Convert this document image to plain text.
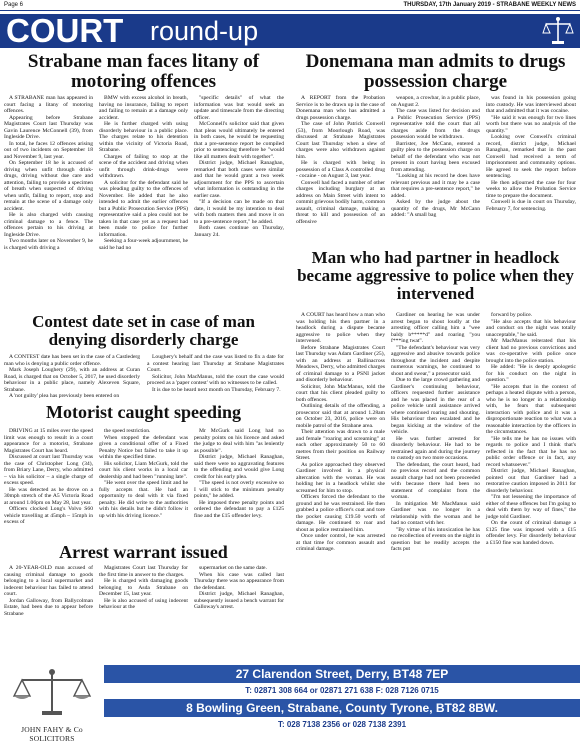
Page 6	THURSDAY, 17th January 2019 - STRABANE WEEKLY NEWS
COURT round-up
Strabane man faces litany of motoring offences

A STRABANE man has appeared in court facing a litany of motoring offences.

Appearing before Strabane Magistrates Court last Thursday was Gavin Laurence McConnell (39), from Ingleside Drive.

In total, he faces 12 offences arising out of two incidents on September 18 and November 9, last year.

On September 18 he is accused of driving when unfit through drink-drugs, driving without due care and attention, failing to provide a specimen of breath when suspected of driving when unfit, failing to report, stop and remain at the scene of a damage only accident.

He is also charged with causing criminal damage to a fence. The offences pertain to his driving at Ingleside Drive.

Two months later on November 9, he is charged with driving a

BMW with excess alcohol in breath, having no insurance, failing to report and failing to remain at a damage only accident.

He is further charged with using disorderly behaviour in a public place. The charges relate to his detention within the vicinity of Victoria Road, Strabane.

Charges of failing to stop at the scene of the accident and driving when unfit through drink-drugs were withdrawn.

A solicitor for the defendant said he was pleading guilty to the offences of November. He added that he also intended to admit the earlier offences but a Public Prosecution Service (PPS) representative said a plea could not be taken in that case yet as a request had been made to police for further information.

Seeking a four-week adjournment, he said he had no

"specific details" of what the information was but would seek an update and timescale from the directing officer.

McConnell's solicitor said that given that pleas would ultimately be entered in both cases, he would be requesting that a pre-sentence report be compiled prior to sentencing therefore he "would like all matters dealt with together".

District judge, Michael Ranaghan, remarked that both cases were similar and that he would grant a two week adjournment for the PPS to ascertain what information is outstanding in the earlier case.

"If a decision can be made on that date, it would be my intention to deal with both matters then and move it on to a pre-sentence report," he added.

Both cases continue on Thursday, January 24.

Donemana man admits to drugs possession charge

A REPORT from the Probation Service is to be drawn up in the case of Donemana man who has admitted a drugs possession charge.

The case of John Patrick Conwell (53), from Moorlough Road, was discussed at Strabane Magistrates Court last Thursday when a slew of charges were also withdrawn against him.

He is charged with being in possession of a Class A controlled drug - cocaine - on August 3, last year.

Conwell had faced a number of other charges including burglary at an address on Main Street with intent to commit grievous bodily harm, common assault, criminal damage, making a threat to kill and possession of an offensive

weapon, a crowbar, in a public place, on August 2.

The case was listed for decision and a Public Prosecution Service (PPS) representative told the court that all charges aside from the drugs possession would be withdrawn.

Barrister, Joe McCann, entered a guilty plea to the possession charge on behalf of the defendant who was not present in court having been excused from attending.

"Looking at his record he does have relevant previous and it may be a case that requires a pre-sentence report," he added.

Asked by the judge about the quantity of the drugs, Mr McCann added: "A small bag

was found in his possession going into custody. He was interviewed about that and admitted that it was cocaine.

"He said it was enough for two lines worth but there was no analysis of the quantity."

Looking over Conwell's criminal record, district judge, Michael Ranaghan, remarked that in the past Conwell had received a term of imprisonment and community options. He agreed to seek the report before sentencing.

He then adjourned the case for four weeks to allow the Probation Service time to prepare the document.

Conwell is due in court on Thursday, February 7, for sentencing.

Contest date set in case of man denying disorderly charge

A CONTEST date has been set in the case of a Castlederg man who is denying a public order offence.

Mark Joseph Loughery (29), with an address at Curan Road, is charged that on October 5, 2017, he used disorderly behaviour in a public place, namely Alexeven Square, Strabane.

A 'not guilty' plea has previously been entered on

Loughery's behalf and the case was listed to fix a date for a contest hearing last Thursday at Strabane Magistrates Court.

Solicitor, John MacManus, told the court the case would proceed as a 'paper contest' with no witnesses to be called.

It is due to be heard next month on Thursday, February 7.

Motorist caught speeding

DRIVING at 15 miles over the speed limit was enough to result in a court appearance for a motorist, Strabane Magistrates Court has heard.

Discussed at court last Thursday was the case of Christopher Long (34), from Briary Lane, Derry, who admitted – via his solicitor – a single charge of excess speed.

He was detected as he drove on a 30mph stretch of the A5 Victoria Road at around 1.06pm on May 28, last year.

Officers clocked Long's Volvo S60 vehicle travelling at 45mph – 15mph in excess of

the speed restriction.

When stopped the defendant was given a conditional offer of a Fixed Penalty Notice but failed to take it up within the specified time.

His solicitor, Liam McGurk, told the court his client works in a local car dealership and had been "running late".

"He went over the speed limit and he fully accepts that. He had an opportunity to deal with it via fixed penalty. He did write to the authorities with his details but he didn't follow it up with his driving licence."

Mr McGurk said Long had no penalty points on his licence and asked the judge to deal with him "as leniently as possible".

District judge, Michael Ranaghan, said there were no aggravating features to the offending and would give Long credit for his early plea.

"The speed is not overly excessive so I will stick to the minimum penalty points," he added.

He imposed three penalty points and ordered the defendant to pay a £125 fine and the £15 offender levy.

Man who had partner in headlock became aggressive to police when they intervened

A COURT has heard how a man who was holding his then partner in a headlock during a dispute became aggressive to police when they intervened.

Before Strabane Magistrates Court last Thursday was Adam Gardiner (25), with an address at Ballinacross Meadows, Derry, who admitted charges of criminal damage to a PSNI jacket and disorderly behaviour.

Solicitor, John MacManus, told the court that his client pleaded guilty to both offences.

Outlining details of the offending, a prosecutor said that at around 1.28am on October 23, 2016, police were on mobile patrol of the Strabane area.

Their attention was drawn to a male and female "roaring and screaming" at each other approximately 50 to 60 metres from their position on Railway Street.

As police approached they observed Gardiner involved in a physical altercation with the woman. He was holding her in a headlock whilst she screamed for him to stop.

Officers forced the defendant to the ground and he was restrained. He then grabbed a police officer's coat and tore the pocket causing £19.50 worth of damage. He continued to roar and shout as police restrained him.

Once under control, he was arrested at that time for common assault and criminal damage.

Gardiner on hearing he was under arrest began to shout loudly at the arresting officer calling him a "wee baldy b*****d" and roaring "you f***ing twat".

"The defendant's behaviour was very aggressive and abusive towards police throughout the incident and despite numerous warnings, he continued to shout and swear," a prosecutor said.

Due to the large crowd gathering and Gardiner's continuing behaviour, officers requested further assistance and he was placed in the rear of a police vehicle until assistance arrived where continued roaring and shouting. His behaviour then escalated and he began kicking at the window of the vehicle.

He was further arrested for disorderly behaviour. He had to be restrained again and during the journey to custody on two more occasions.

The defendant, the court heard, had no previous record and the common assault charge had not been proceeded with because there had been no statement of complaint from the woman.

In mitigation Mr MacManus said Gardiner was no longer in a relationship with the woman and he had no contact with her.

"By virtue of his intoxication he has no recollection of events on the night in question but he readily accepts the facts put

forward by police.

"He also accepts that his behaviour and conduct on the night was totally unacceptable," he said.

Mr MacManus reiterated that his client had no previous convictions and was co-operative with police once brought into the police station.

He added: "He is deeply apologetic for his conduct on the night in question."

"He accepts that in the context of perhaps a heated dispute with a person, who he is no longer in a relationship with, he fears that subsequent interaction with police and it was a disproportionate reaction to what was a reasonable interaction by the officers in the circumstances.

"He tells me he has no issues with regards to police and I think that's reflected in the fact that he has no public order offence or in fact, any record whatsoever."

District judge, Michael Ranaghan, pointed out that Gardiner had a restorative caution imposed in 2011 for disorderly behaviour.

"I'm not lessening the importance of either of these offences but I'm going to deal with them by way of fines," the judge told Gardiner.

On the count of criminal damage a £125 fine was imposed with a £15 offender levy. For disorderly behaviour a £150 fine was handed down.

Arrest warrant issued

A 20-YEAR-OLD man accused of causing criminal damage to goods belonging to a local supermarket and indecent behaviour has failed to attend court.

Jordan Galloway, from Ballycolman Estate, had been due to appear before Strabane

Magistrates Court last Thursday for the first time in answer to the charges.

He is charged with damaging goods belonging to Asda Strabane on December 15, last year.

He is also accused of using indecent behaviour at the

supermarket on the same date.

When his case was called last Thursday there was no appearance from the defendant.

District judge, Michael Ranaghan, subsequently issued a bench warrant for Galloway's arrest.

JOHN FAHY & Co SOLICITORS
27 Clarendon Street, Derry, BT48 7EP
T: 02871 308 664 or 02871 271 638 F: 028 7126 0715
8 Bowling Green, Strabane, County Tyrone, BT82 8BW.
T: 028 7138 2356 or 028 7138 2391
